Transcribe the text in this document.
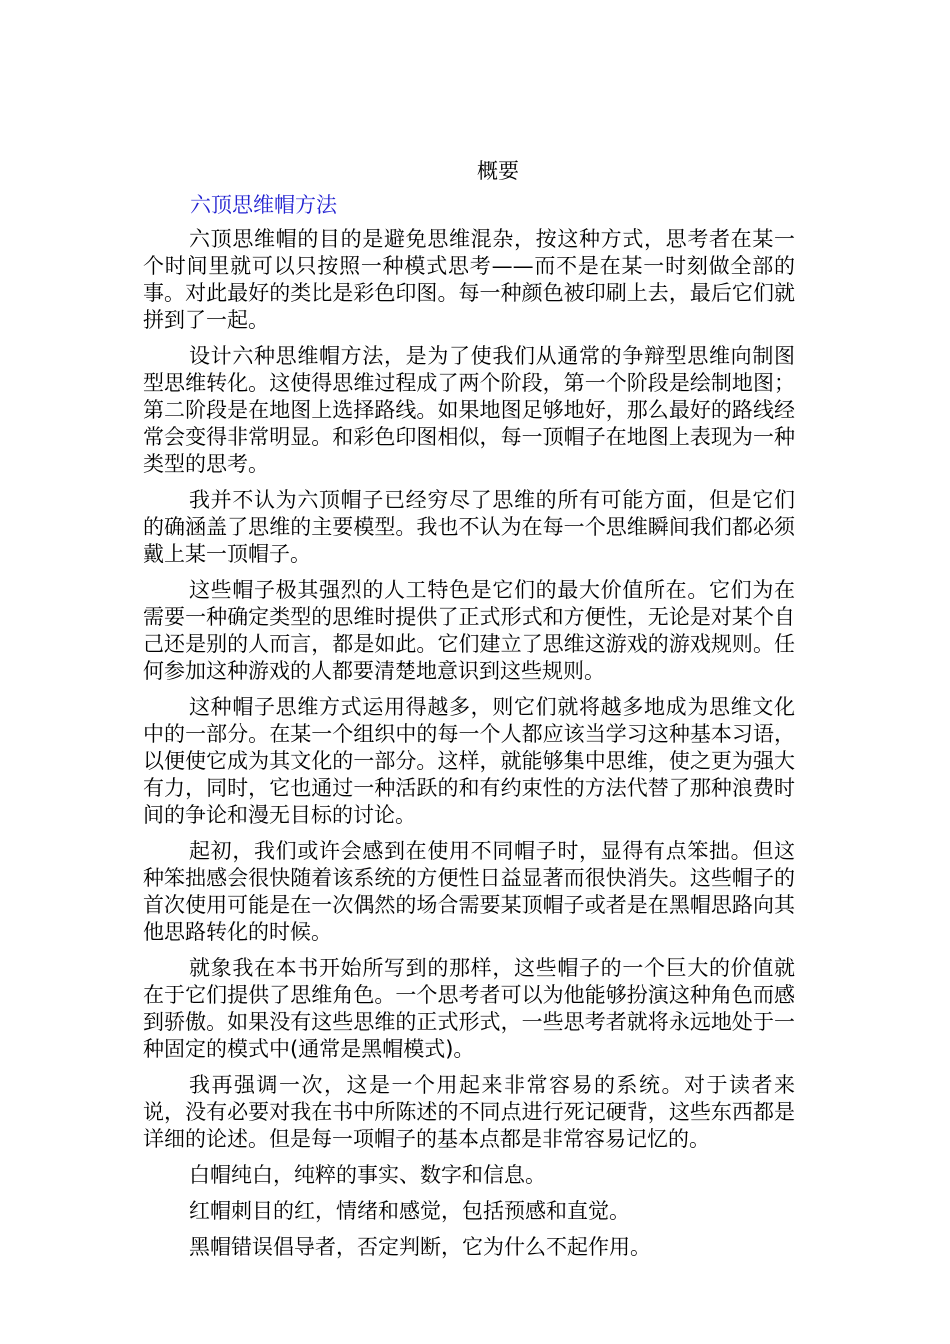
概要
六顶思维帽方法

六顶思维帽的目的是避免思维混杂，按这种方式，思考者在某一个时间里就可以只按照一种模式思考——而不是在某一时刻做全部的事。对此最好的类比是彩色印图。每一种颜色被印刷上去，最后它们就拼到了一起。

设计六种思维帽方法，是为了使我们从通常的争辩型思维向制图型思维转化。这使得思维过程成了两个阶段，第一个阶段是绘制地图；第二阶段是在地图上选择路线。如果地图足够地好，那么最好的路线经常会变得非常明显。和彩色印图相似，每一顶帽子在地图上表现为一种类型的思考。

我并不认为六顶帽子已经穷尽了思维的所有可能方面，但是它们的确涵盖了思维的主要模型。我也不认为在每一个思维瞬间我们都必须戴上某一顶帽子。

这些帽子极其强烈的人工特色是它们的最大价值所在。它们为在需要一种确定类型的思维时提供了正式形式和方便性，无论是对某个自己还是别的人而言，都是如此。它们建立了思维这游戏的游戏规则。任何参加这种游戏的人都要清楚地意识到这些规则。

这种帽子思维方式运用得越多，则它们就将越多地成为思维文化中的一部分。在某一个组织中的每一个人都应该当学习这种基本习语，以便使它成为其文化的一部分。这样，就能够集中思维，使之更为强大有力，同时，它也通过一种活跃的和有约束性的方法代替了那种浪费时间的争论和漫无目标的讨论。

起初，我们或许会感到在使用不同帽子时，显得有点笨拙。但这种笨拙感会很快随着该系统的方便性日益显著而很快消失。这些帽子的首次使用可能是在一次偶然的场合需要某顶帽子或者是在黑帽思路向其他思路转化的时候。

就象我在本书开始所写到的那样，这些帽子的一个巨大的价值就在于它们提供了思维角色。一个思考者可以为他能够扮演这种角色而感到骄傲。如果没有这些思维的正式形式，一些思考者就将永远地处于一种固定的模式中(通常是黑帽模式)。

我再强调一次，这是一个用起来非常容易的系统。对于读者来说，没有必要对我在书中所陈述的不同点进行死记硬背，这些东西都是详细的论述。但是每一项帽子的基本点都是非常容易记忆的。

白帽纯白，纯粹的事实、数字和信息。

红帽刺目的红，情绪和感觉，包括预感和直觉。

黑帽错误倡导者，否定判断，它为什么不起作用。
